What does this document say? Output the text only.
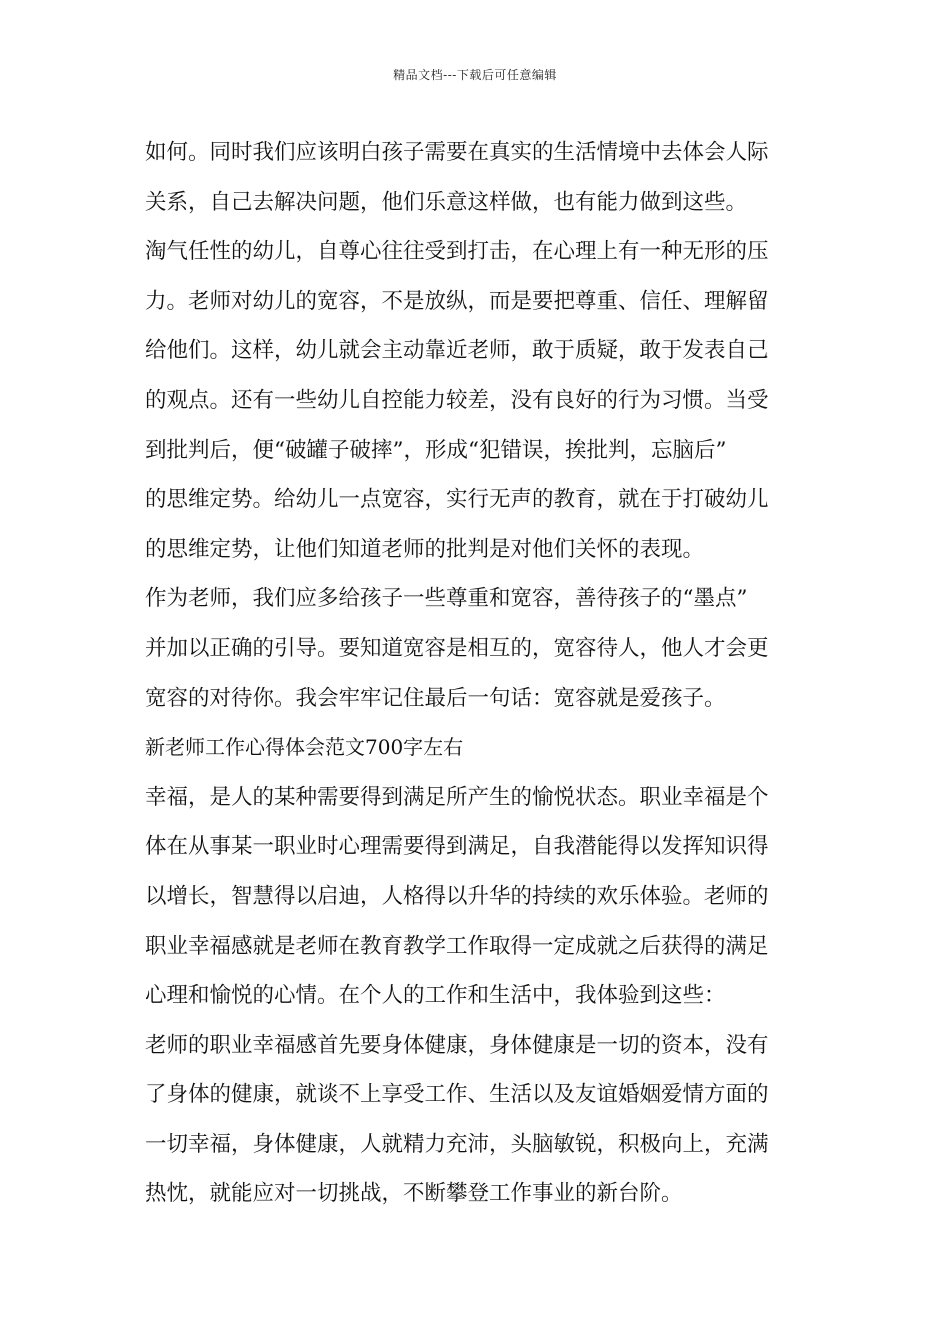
精品文档---下载后可任意编辑
如何。同时我们应该明白孩子需要在真实的生活情境中去体会人际
关系，自己去解决问题，他们乐意这样做，也有能力做到这些。
淘气任性的幼儿，自尊心往往受到打击，在心理上有一种无形的压
力。老师对幼儿的宽容，不是放纵，而是要把尊重、信任、理解留
给他们。这样，幼儿就会主动靠近老师，敢于质疑，敢于发表自己
的观点。还有一些幼儿自控能力较差，没有良好的行为习惯。当受
到批判后，便“破罐子破摔”，形成“犯错误，挨批判，忘脑后”
的思维定势。给幼儿一点宽容，实行无声的教育，就在于打破幼儿
的思维定势，让他们知道老师的批判是对他们关怀的表现。
作为老师，我们应多给孩子一些尊重和宽容，善待孩子的“墨点”
并加以正确的引导。要知道宽容是相互的，宽容待人，他人才会更
宽容的对待你。我会牢牢记住最后一句话：宽容就是爱孩子。
新老师工作心得体会范文700字左右
幸福，是人的某种需要得到满足所产生的愉悦状态。职业幸福是个
体在从事某一职业时心理需要得到满足，自我潜能得以发挥知识得
以增长，智慧得以启迪，人格得以升华的持续的欢乐体验。老师的
职业幸福感就是老师在教育教学工作取得一定成就之后获得的满足
心理和愉悦的心情。在个人的工作和生活中，我体验到这些：
老师的职业幸福感首先要身体健康，身体健康是一切的资本，没有
了身体的健康，就谈不上享受工作、生活以及友谊婚姻爱情方面的
一切幸福，身体健康，人就精力充沛，头脑敏锐，积极向上，充满
热忱，就能应对一切挑战，不断攀登工作事业的新台阶。
